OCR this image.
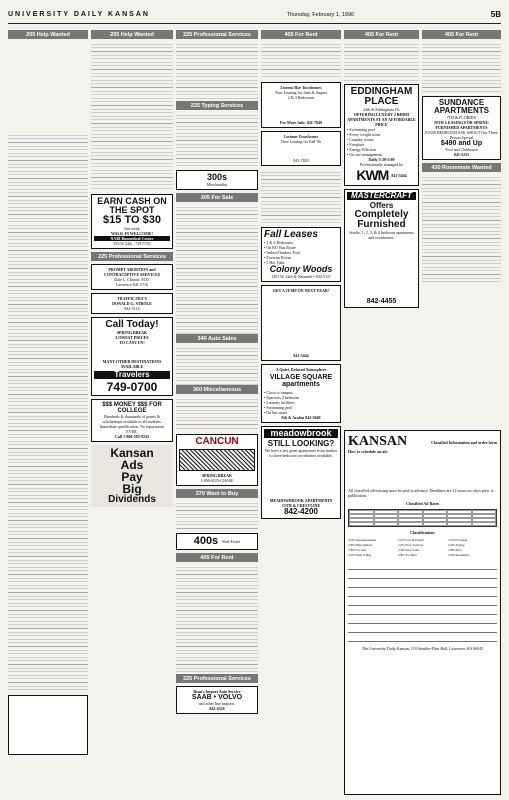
UNIVERSITY DAILY KANSAN	Thursday, February 1, 1996	5B
205 Help Wanted

	205 Help Wanted
EARN CASH ON THE SPOT
$15 TO $30
this week
WALK-IN WELCOME!
NABI Biomedical Center
816 W 24th 749-5750
225 Professional Services
PROMPT ABORTION and
CONTRACEPTIVE SERVICES
Dale L. Clinton, M.D.
Lawrence 841-5716
TRAFFIC-DUI'S
DONALD G. STROLE
842-5116
Call Today!
SPRING BREAK
LOWEST PRICES
TO CANCUN!
MANY OTHER DESTINATIONS AVAILABLE
Travelers
749-0700
$$$ MONEY $$$ FOR COLLEGE
Hundreds & thousands of grants & scholarships available to all students. Immediate qualification. No repayments EVER.
Call 1-800-585-8243
Kansan
Ads
Pay
Big
Dividends
225 Professional Services
235 Typing Services
300s
Merchandise
305 For Sale
340 Auto Sales
360 Miscellaneous
CANCUN
SPRING BREAK
1-800-SUN-CHASE
370 Want to Buy
400s Real Estate
405 For Rent
225 Professional Services
Beau's Import Auto Service
SAAB • VOLVO
and other fine imports.
842-4320
405 For Rent
Leanna Mar Townhomes
Now Leasing for June & August
2 & 3 Bedrooms
For More Info: 841-7849
Lorimar Townhomes
Now Leasing for Fall '96
841-7849
Fall Leases
• 1 & 2 Bedrooms
• On KU Bus Route
• Indoor/Outdoor Pool
• Exercise Room
• 3 Hot Tubs
Colony Woods
1301 W. 24th & Naismith • 842-5111
GET A JUMP ON NEXT YEAR!
841-5444
A Quiet, Relaxed Atmosphere
VILLAGE SQUARE apartments
• Close to campus
• Spacious 2 bedroom
• Laundry facilities
• Swimming pool
• On bus route
9th & Avalon 842-3040
meadowbrook
STILL LOOKING?
We have a few great apartments from studios to three bedroom townhomes available.
MEADOWBROOK APARTMENTS
15TH & CRESTLINE
842-4200
405 For Rent
EDDINGHAM PLACE
24th & Eddingham Dr.
OFFERING LUXURY 2 BDRM APARTMENTS AT AN AFFORDABLE PRICE
• Swimming pool
• Every weight room
• Laundry rooms
• Fireplace
• Energy Efficient
• On site management
Daily 3:30-5:00
Professionally managed by
KWM 841-5444
MASTERCRAFT
Offers
Completely Furnished
Studio, 1, 2, 3, & 4 bedroom apartments and townhomes.
842-4455
405 For Rent
SUNDANCE APARTMENTS
7TH & FLORIDA
NOW LEASING FOR SPRING
FURNISHED APARTMENTS
FOUR BEDROOM ASK ABOUT Our Three Person Special
$490 and Up
Pool and Clubhouse
841-5255
430 Roommate Wanted
KANSAN	Classified Information and order form
How to schedule an ad:
All classified advertising must be paid in advance. Deadlines are 12 noon two days prior to publication.
Classified Ad Rates
Classifications
□ 100 Announcements	□ 105 Lost & Found	□ 110 Personals
□ 205 Help Wanted	□ 225 Prof. Services	□ 235 Typing
□ 305 For Sale	□ 340 Auto Sales	□ 360 Misc.
□ 370 Want to Buy	□ 405 For Rent	□ 430 Roommate
The University Daily Kansan, 119 Stauffer-Flint Hall, Lawrence, KS 66045
